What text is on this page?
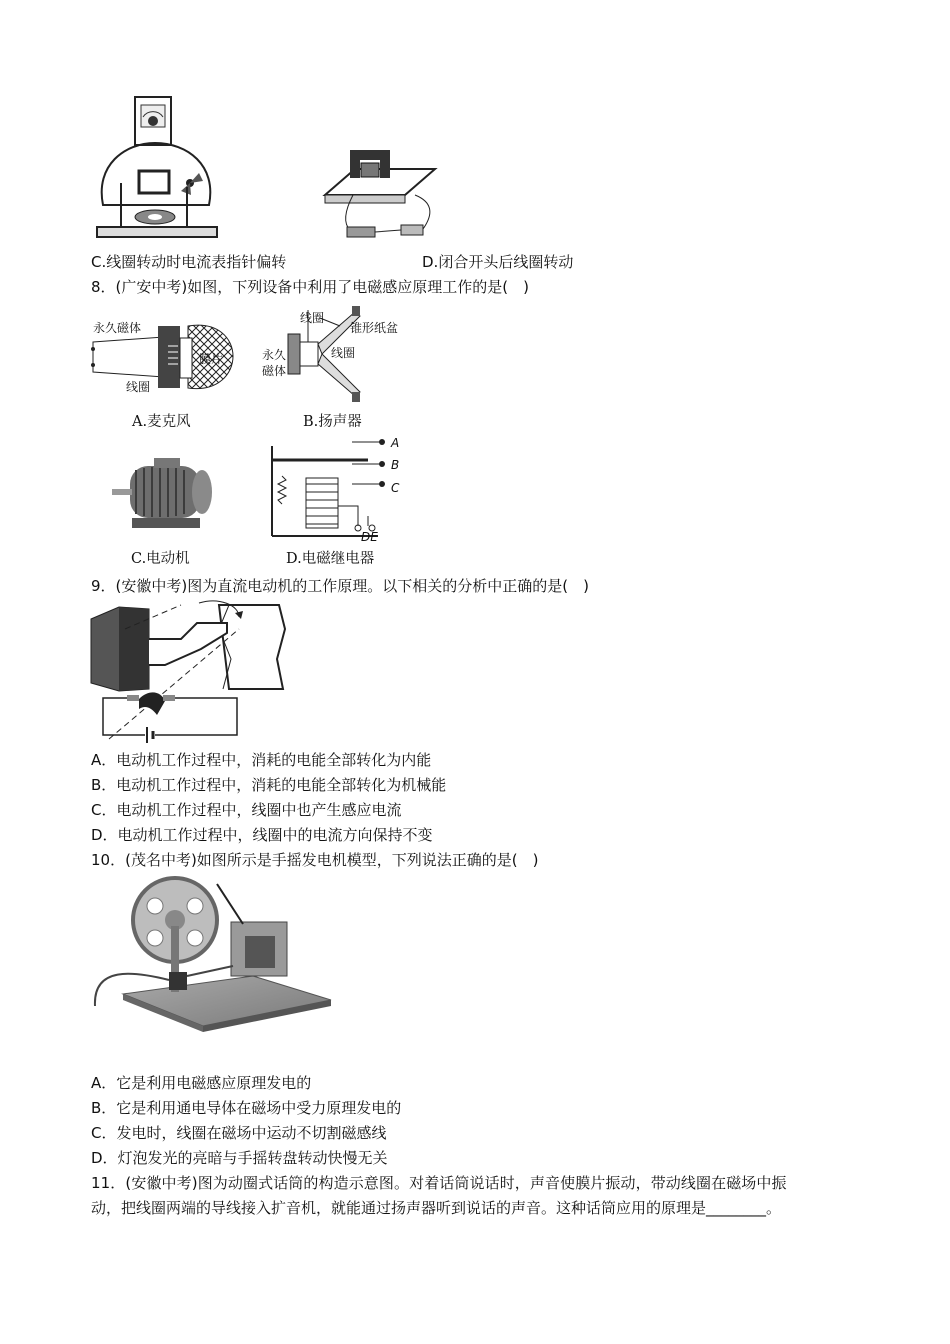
C.线圈转动时电流表指针偏转	D.闭合开头后线圈转动
8．(广安中考)如图，下列设备中利用了电磁感应原理工作的是(　)
永久磁体
膜片
线圈
线圈
锥形纸盆
永久
磁体
线圈
A.麦克风	B.扬声器
A
B
C
DE
C.电动机	D.电磁继电器
9．(安徽中考)图为直流电动机的工作原理。以下相关的分析中正确的是(　)
A．电动机工作过程中，消耗的电能全部转化为内能
B．电动机工作过程中，消耗的电能全部转化为机械能
C．电动机工作过程中，线圈中也产生感应电流
D．电动机工作过程中，线圈中的电流方向保持不变
10．(茂名中考)如图所示是手摇发电机模型，下列说法正确的是(　)
A．它是利用电磁感应原理发电的
B．它是利用通电导体在磁场中受力原理发电的
C．发电时，线圈在磁场中运动不切割磁感线
D．灯泡发光的亮暗与手摇转盘转动快慢无关
11．(安徽中考)图为动圈式话筒的构造示意图。对着话筒说话时，声音使膜片振动，带动线圈在磁场中振
动，把线圈两端的导线接入扩音机，就能通过扬声器听到说话的声音。这种话筒应用的原理是________。
